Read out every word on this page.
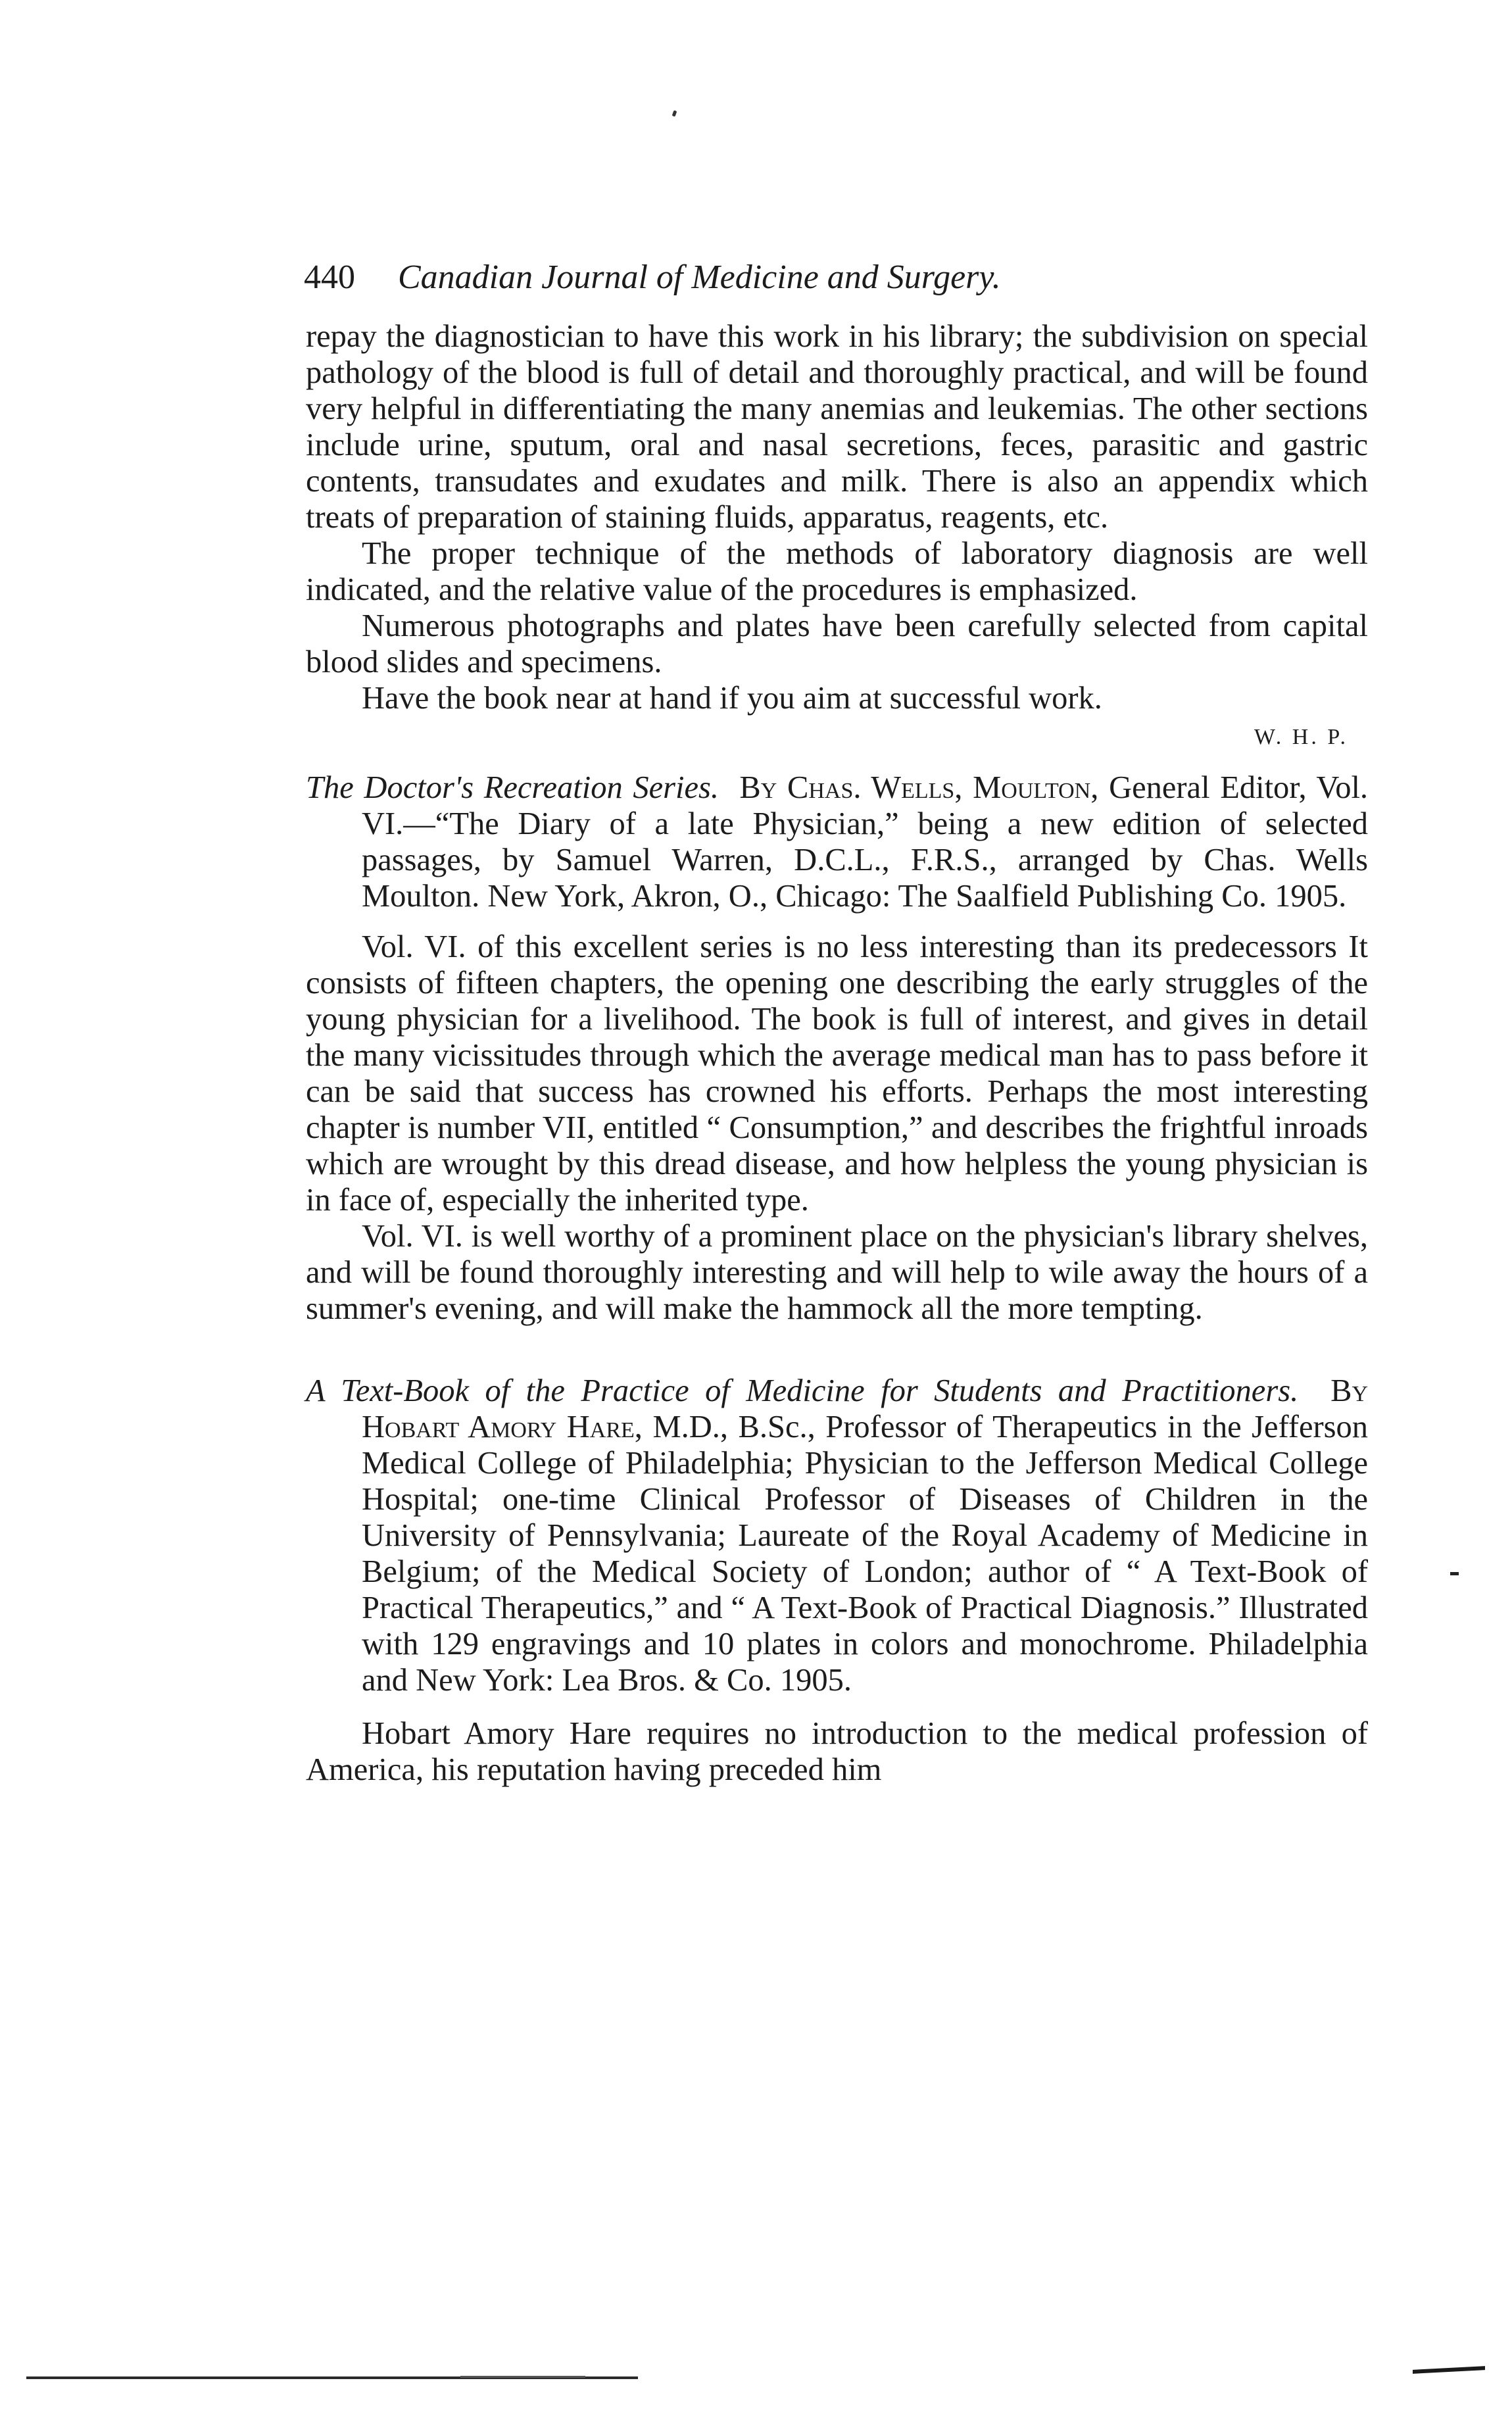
440 Canadian Journal of Medicine and Surgery.

repay the diagnostician to have this work in his library; the subdivision on special pathology of the blood is full of detail and thoroughly practical, and will be found very helpful in differentiating the many anemias and leukemias. The other sections include urine, sputum, oral and nasal secretions, feces, parasitic and gastric contents, transudates and exudates and milk. There is also an appendix which treats of preparation of staining fluids, apparatus, reagents, etc.

The proper technique of the methods of laboratory diagnosis are well indicated, and the relative value of the procedures is emphasized.

Numerous photographs and plates have been carefully selected from capital blood slides and specimens.

Have the book near at hand if you aim at successful work.

W. H. P.

The Doctor's Recreation Series. By Chas. Wells, Moulton, General Editor, Vol. VI.—“The Diary of a late Physician,” being a new edition of selected passages, by Samuel Warren, D.C.L., F.R.S., arranged by Chas. Wells Moulton. New York, Akron, O., Chicago: The Saalfield Publishing Co. 1905.

Vol. VI. of this excellent series is no less interesting than its predecessors It consists of fifteen chapters, the opening one describing the early struggles of the young physician for a livelihood. The book is full of interest, and gives in detail the many vicissitudes through which the average medical man has to pass before it can be said that success has crowned his efforts. Perhaps the most interesting chapter is number VII, entitled “ Consumption,” and describes the frightful inroads which are wrought by this dread disease, and how helpless the young physician is in face of, especially the inherited type.

Vol. VI. is well worthy of a prominent place on the physician's library shelves, and will be found thoroughly interesting and will help to wile away the hours of a summer's evening, and will make the hammock all the more tempting.

A Text-Book of the Practice of Medicine for Students and Practitioners. By Hobart Amory Hare, M.D., B.Sc., Professor of Therapeutics in the Jefferson Medical College of Philadelphia; Physician to the Jefferson Medical College Hospital; one-time Clinical Professor of Diseases of Children in the University of Pennsylvania; Laureate of the Royal Academy of Medicine in Belgium; of the Medical Society of London; author of “ A Text-Book of Practical Therapeutics,” and “ A Text-Book of Practical Diagnosis.” Illustrated with 129 engravings and 10 plates in colors and monochrome. Philadelphia and New York: Lea Bros. & Co. 1905.

Hobart Amory Hare requires no introduction to the medical profession of America, his reputation having preceded him
